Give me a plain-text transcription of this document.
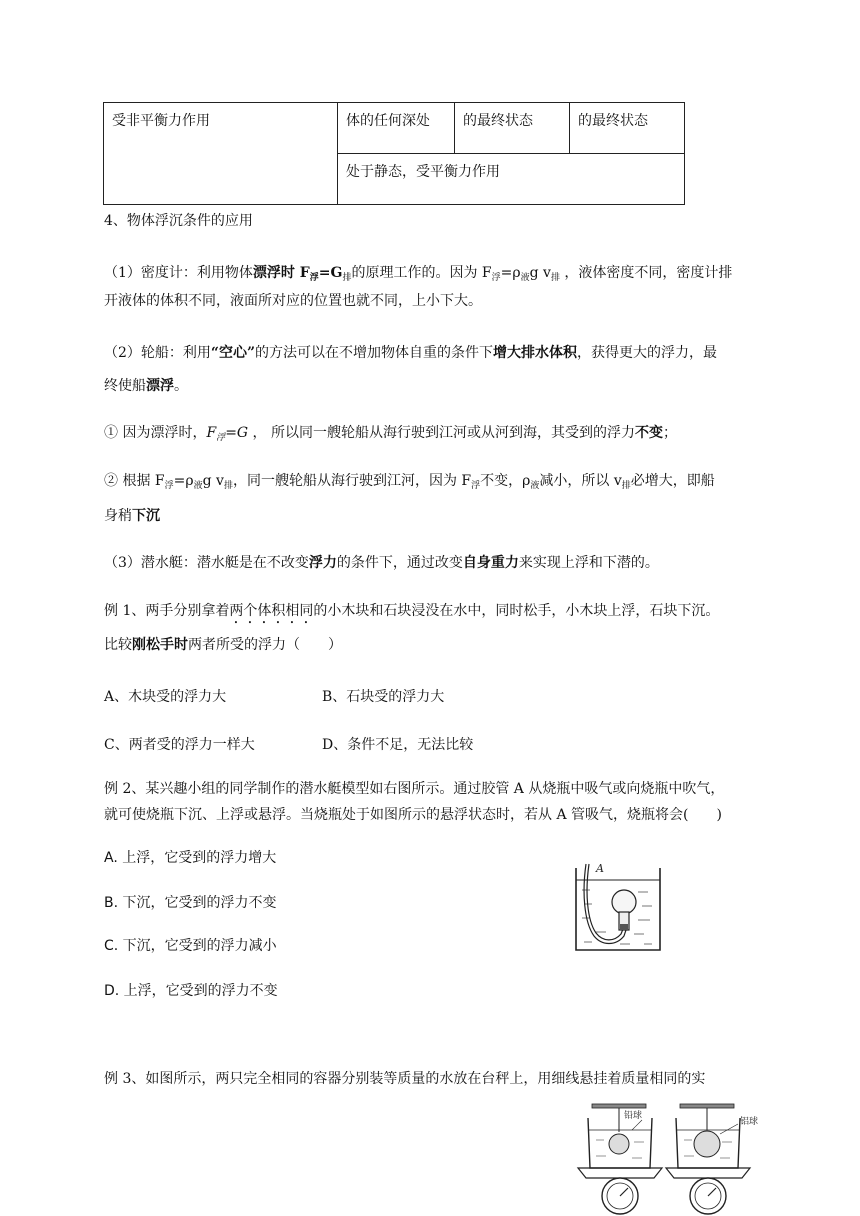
受非平衡力作用	体的任何深处	的最终状态	的最终状态
处于静态，受平衡力作用
4、物体浮沉条件的应用
（1）密度计：利用物体漂浮时 $F_浮=G_排$的原理工作的。因为 $F_浮=\rho_液g$ $v_排$ ，液体密度不同，密度计排
开液体的体积不同，液面所对应的位置也就不同，上小下大。
（2）轮船：利用“空心”的方法可以在不增加物体自重的条件下增大排水体积，获得更大的浮力，最
终使船漂浮。
① 因为漂浮时，$F_浮=G$ ， 所以同一艘轮船从海行驶到江河或从河到海，其受到的浮力不变；
② 根据 $F_浮=\rho_液g$ $v_排$，同一艘轮船从海行驶到江河，因为 $F_浮$不变，$\rho_液$减小，所以 $v_排$必增大，即船
身稍下沉
（3）潜水艇：潜水艇是在不改变浮力的条件下，通过改变自身重力来实现上浮和下潜的。
例 1、两手分别拿着两个体积相同的小木块和石块浸没在水中，同时松手，小木块上浮，石块下沉。
比较刚松手时两者所受的浮力（　　）
A、木块受的浮力大	B、石块受的浮力大
C、两者受的浮力一样大	D、条件不足，无法比较
例 2、某兴趣小组的同学制作的潜水艇模型如右图所示。通过胶管 A 从烧瓶中吸气或向烧瓶中吹气，
就可使烧瓶下沉、上浮或悬浮。当烧瓶处于如图所示的悬浮状态时，若从 A 管吸气，烧瓶将会(　　)
A. 上浮，它受到的浮力增大
B. 下沉，它受到的浮力不变
C. 下沉，它受到的浮力减小
D. 上浮，它受到的浮力不变
A
例 3、如图所示，两只完全相同的容器分别装等质量的水放在台秤上，用细线悬挂着质量相同的实
铅球
铝球
